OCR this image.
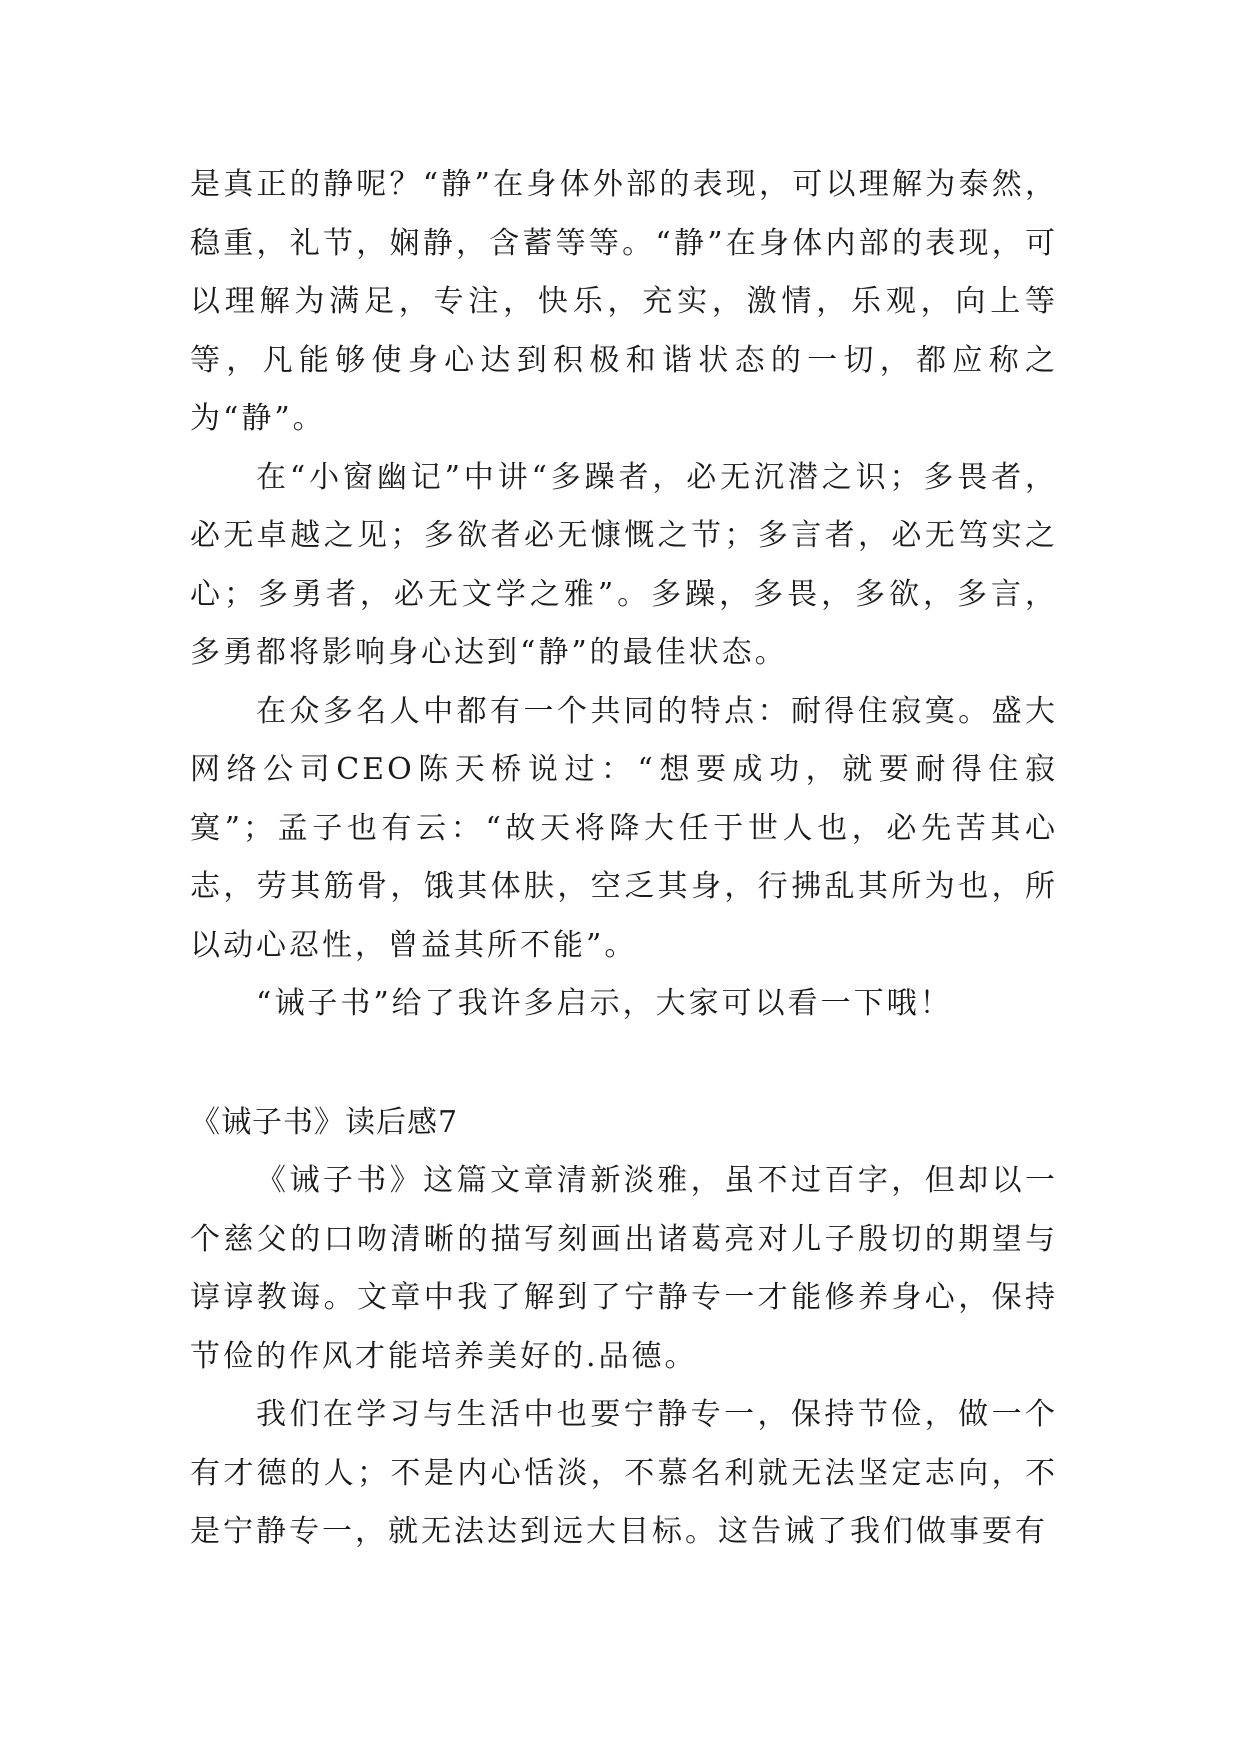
是真正的静呢？“静”在身体外部的表现，可以理解为泰然，稳重，礼节，娴静，含蓄等等。“静”在身体内部的表现，可以理解为满足，专注，快乐，充实，激情，乐观，向上等等，凡能够使身心达到积极和谐状态的一切，都应称之为“静”。

在“小窗幽记”中讲“多躁者，必无沉潜之识；多畏者，必无卓越之见；多欲者必无慷慨之节；多言者，必无笃实之心；多勇者，必无文学之雅”。多躁，多畏，多欲，多言，多勇都将影响身心达到“静”的最佳状态。

在众多名人中都有一个共同的特点：耐得住寂寞。盛大网络公司CEO陈天桥说过：“想要成功，就要耐得住寂寞”；孟子也有云：“故天将降大任于世人也，必先苦其心志，劳其筋骨，饿其体肤，空乏其身，行拂乱其所为也，所以动心忍性，曾益其所不能”。

“诫子书”给了我许多启示，大家可以看一下哦！

《诫子书》读后感7

《诫子书》这篇文章清新淡雅，虽不过百字，但却以一个慈父的口吻清晰的描写刻画出诸葛亮对儿子殷切的期望与谆谆教诲。文章中我了解到了宁静专一才能修养身心，保持节俭的作风才能培养美好的.品德。

我们在学习与生活中也要宁静专一，保持节俭，做一个有才德的人；不是内心恬淡，不慕名利就无法坚定志向，不是宁静专一，就无法达到远大目标。这告诫了我们做事要有
